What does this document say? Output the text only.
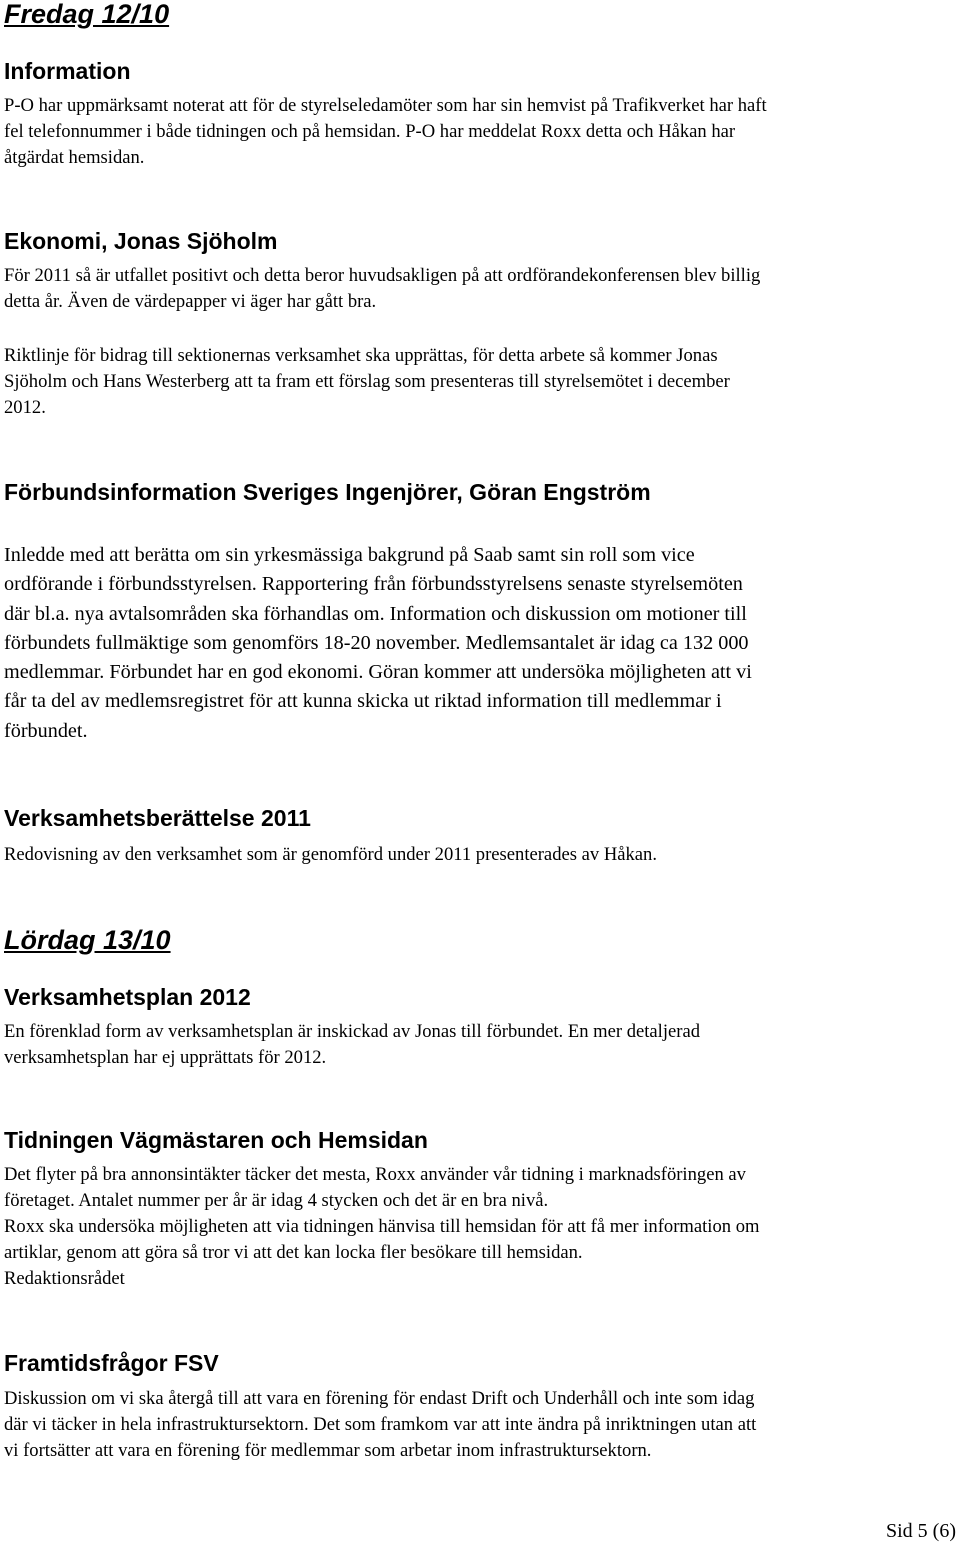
Fredag 12/10
Information
P-O har uppmärksamt noterat att för de styrelseledamöter som har sin hemvist på Trafikverket har haft
fel telefonnummer i både tidningen och på hemsidan. P-O har meddelat Roxx detta och Håkan har
åtgärdat hemsidan.
Ekonomi, Jonas Sjöholm
För 2011 så är utfallet positivt och detta beror huvudsakligen på att ordförandekonferensen blev billig
detta år. Även de värdepapper vi äger har gått bra.
Riktlinje för bidrag till sektionernas verksamhet ska upprättas, för detta arbete så kommer Jonas
Sjöholm och Hans Westerberg att ta fram ett förslag som presenteras till styrelsemötet i december
2012.
Förbundsinformation Sveriges Ingenjörer, Göran Engström
Inledde med att berätta om sin yrkesmässiga bakgrund på Saab samt sin roll som vice
ordförande i förbundsstyrelsen. Rapportering från förbundsstyrelsens senaste styrelsemöten
där bl.a. nya avtalsområden ska förhandlas om. Information och diskussion om motioner till
förbundets fullmäktige som genomförs 18-20 november. Medlemsantalet är idag ca 132 000
medlemmar. Förbundet har en god ekonomi. Göran kommer att undersöka möjligheten att vi
får ta del av medlemsregistret för att kunna skicka ut riktad information till medlemmar i
förbundet.
Verksamhetsberättelse 2011
Redovisning av den verksamhet som är genomförd under 2011 presenterades av Håkan.
Lördag 13/10
Verksamhetsplan 2012
En förenklad form av verksamhetsplan är inskickad av Jonas till förbundet. En mer detaljerad
verksamhetsplan har ej upprättats för 2012.
Tidningen Vägmästaren och Hemsidan
Det flyter på bra annonsintäkter täcker det mesta, Roxx använder vår tidning i marknadsföringen av
företaget. Antalet nummer per år är idag 4 stycken och det är en bra nivå.
Roxx ska undersöka möjligheten att via tidningen hänvisa till hemsidan för att få mer information om
artiklar, genom att göra så tror vi att det kan locka fler besökare till hemsidan.
Redaktionsrådet
Framtidsfrågor FSV
Diskussion om vi ska återgå till att vara en förening för endast Drift och Underhåll och inte som idag
där vi täcker in hela infrastruktursektorn. Det som framkom var att inte ändra på inriktningen utan att
vi fortsätter att vara en förening för medlemmar som arbetar inom infrastruktursektorn.
Sid 5 (6)
